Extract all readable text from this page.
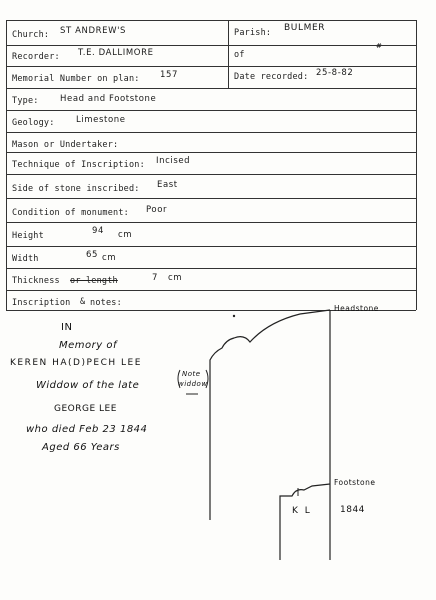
Church: ST ANDREW'S	Parish: BULMER
Recorder: T.E. DALLIMORE	of
#
Memorial Number on plan: 157	Date recorded: 25-8-82
Type:	Head and Footstone
Geology:	Limestone
Mason or Undertaker:
Technique of Inscription: Incised
Side of stone inscribed: East
Condition of monument: Poor
Height	94 cm
Width	65 cm
Thickness or length	7 cm
Inscription & notes:
IN
Memory of
KEREN HA(D)PECH LEE
Widdow of the late
GEORGE LEE
who died Feb 23 1844
Aged 66 Years
Note
widdow
Headstone
Footstone
K L	1844
